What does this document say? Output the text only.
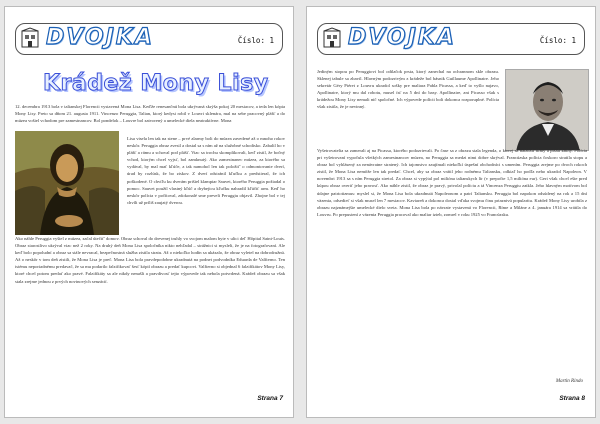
DVOJKA	Číslo: 1
Krádež Mony Lisy
12. decembra 1913 bola v talianskej Florencii vystavená Mona Lisa. Keďže renesančnú bola ukrývaná skrýša pokoj 20 mesiacov, a teda len kópia Mony Lisy. Preto sa dňom 21. augusta 1911. Vincenzo Peruggia, Talian, ktorý kedysi robil v Louvri sklenára, mal na sebe pracovný plášť a do múzea vošiel vchodom pre zamestnancov. Bol pondelok – Louvre bol zatvorený a umelecké diela neatraktívne. Mona
Lisa visela len tak na stene – prvé alarmy boli do múzea zavedené až o mnoho rokov neskôr. Peruggia obraz zvesil a dostal sa s ním až na služobné schodisko. Zabalil ho v plášť a rámu a schoval pod plášť. Viac sa trochu skomplikovali, keď zistil, že bočný vchod, ktorým chcel vyjsť, bol zamknutý. Ako zamestnanec múzea, za ktorého sa vydával, by mal mať kľúče, a tak namohol len tak položiť' o odmontovanie dverí, úrad by rozlúsk, že bo ziskov. Z dverí odstránil kľučku a predstieral, že ich poškodené. O chvíľu ku dverám prišiel klampiar Sauvet, ktorého Peruggia požiadal o pomoc. Sauvet použil vlastný kľúč a drybejicu kľučku nahradil kľúčiť arm. Keď ho neskôr polícia v počítoval, zdokonalé sme preveli Peruggiu objavil. Zhojne bol v tej chvíli už príliš zaujatý dverou.
Ako náhle Peruggia vyšiel z múzea, začal útečiť' domov. Obraz schoval do drevenej truhly vo svojom malom byte v ulici del' Hôpital Saint-Louis. Obraz starostlivo ukrýval viac než 2 roky. Na druhý deň Mona Lisa spoločníka nikto nehľadal – strážnici si mysleli, že je na fotografovaní. Ale keď bolo popoludní a obraz sa stále nevracal, bezpečnostná služba zistila stratu. Až o niekoľko hodín sa ukázalo, že obraz vyletel na dobrodružnú. Až o neskôr v tom deň zistili, že Mona Lisa je preč. Mona Lisa bola pravdepodobne ukradnutá na podnet podvodníka Eduarda de Valfierno. Ten istému neporiadnému predavač, že sa mu podarilo falzifikovať šesť kópií obrazu a predať kupcovi. Valfierno si objednal 6 falzifikátov Mony Lisy, ktoré chcel potom predať ako pravé. Falzifikáty sa ale nikdy nenašli a pravdivosť tejto výpovede tak nebola potvrdená. Krádež obrazu sa však stala zrejme jednou z prvých novinových senzácií.
Strana 7
DVOJKA	Číslo: 1
Jediným stopou po Peruggiovi bol odtlačok prsta, ktorý zanechal na ochrannom skle obrazu. Sklenej tabule sa zbavil. Hlavným podozrivým z krádeže bol básnik Guillaume Apollinaire. Jeho sekretár Géry Piéret z Louvru ukradol sošky pre maliara Pabla Picassa, a keď to vyšlo najavo, Apollinaire, ktorý mu dal robotu, musel ísť na 5 dní do basy. Apollinaire, ani Picasso však s krádežou Mony Lisy nemali nič spoločné. Ich výpovede polícii boli dokonca rozporuplné. Polícia však zistila, že je nevinný.
Vyšetrovatelia sa zamerali aj na Picassa, ktorého podozrievali. Po čase sa z obrazu stala legenda, o ktorej sa natáčali filmy a písali knihy. Polícia pri vyšetrovaní vypočula všetkých zamestnancov múzea, no Peruggia sa medzi nimi dobre skrýval. Francúzska polícia čoskoro stratila stopu a obraz bol vyhlásený za nenávratne stratený. Ich tajomstvo zaujímali niekoľkí úspešní obchodníci s umením. Peruggia zrejme po dvoch rokoch zistil, že Mona Lisa nemôže len tak predať. Chcel, aby sa obraz vrátil jeho rodnému Taliansku, odkiaľ ho podľa neho ukradol Napoleon. V novembri 1913 sa s ním Peruggia stretol. Za obraz si vypýtal pol milióna talianskych lír (v prepočte 1,5 milióna eur). Geri však chcel ešte pred kúpou obraz overiť jeho pravosť. Ako náhle zistil, že obraz je pravý, privolal políciu a tá Vincenza Peruggiu zatkla. Jeho hlavným motívom bol údajne patriotizmus: myslel si, že Mona Lisa bola ukradnutá Napoleonom a patrí Taliansku. Peruggia bol napokon odsúdený na rok a 15 dní väzenia, odsedieť si však musel len 7 mesiacov. Kaviareň a dokonca dostal vďaka svojmu činu priaznivú popularitu. Krádež Mony Lisy urobila z obrazu najznámejšie umelecké dielo sveta. Mona Lisa bola po návrate vystavená vo Florencii, Ríme a Miláne a 4. januára 1914 sa vrátila do Louvru. Po prepustení z väzenia Peruggia pracoval ako maliar izieb, zomrel v roku 1925 vo Francúzsku.
Martin Rindo
Strana 8
